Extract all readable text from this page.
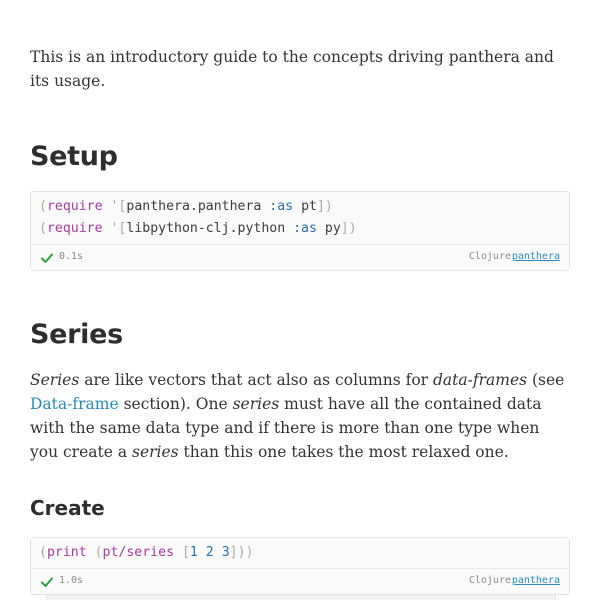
This is an introductory guide to the concepts driving panthera and its usage.

Setup
(require '[panthera.panthera :as pt])
(require '[libpython-clj.python :as py])
0.1s	Clojure panthera
Series

Series are like vectors that act also as columns for data-frames (see Data-frame section). One series must have all the contained data with the same data type and if there is more than one type when you create a series than this one takes the most relaxed one.

Create
(print (pt/series [1 2 3]))
1.0s	Clojure panthera
